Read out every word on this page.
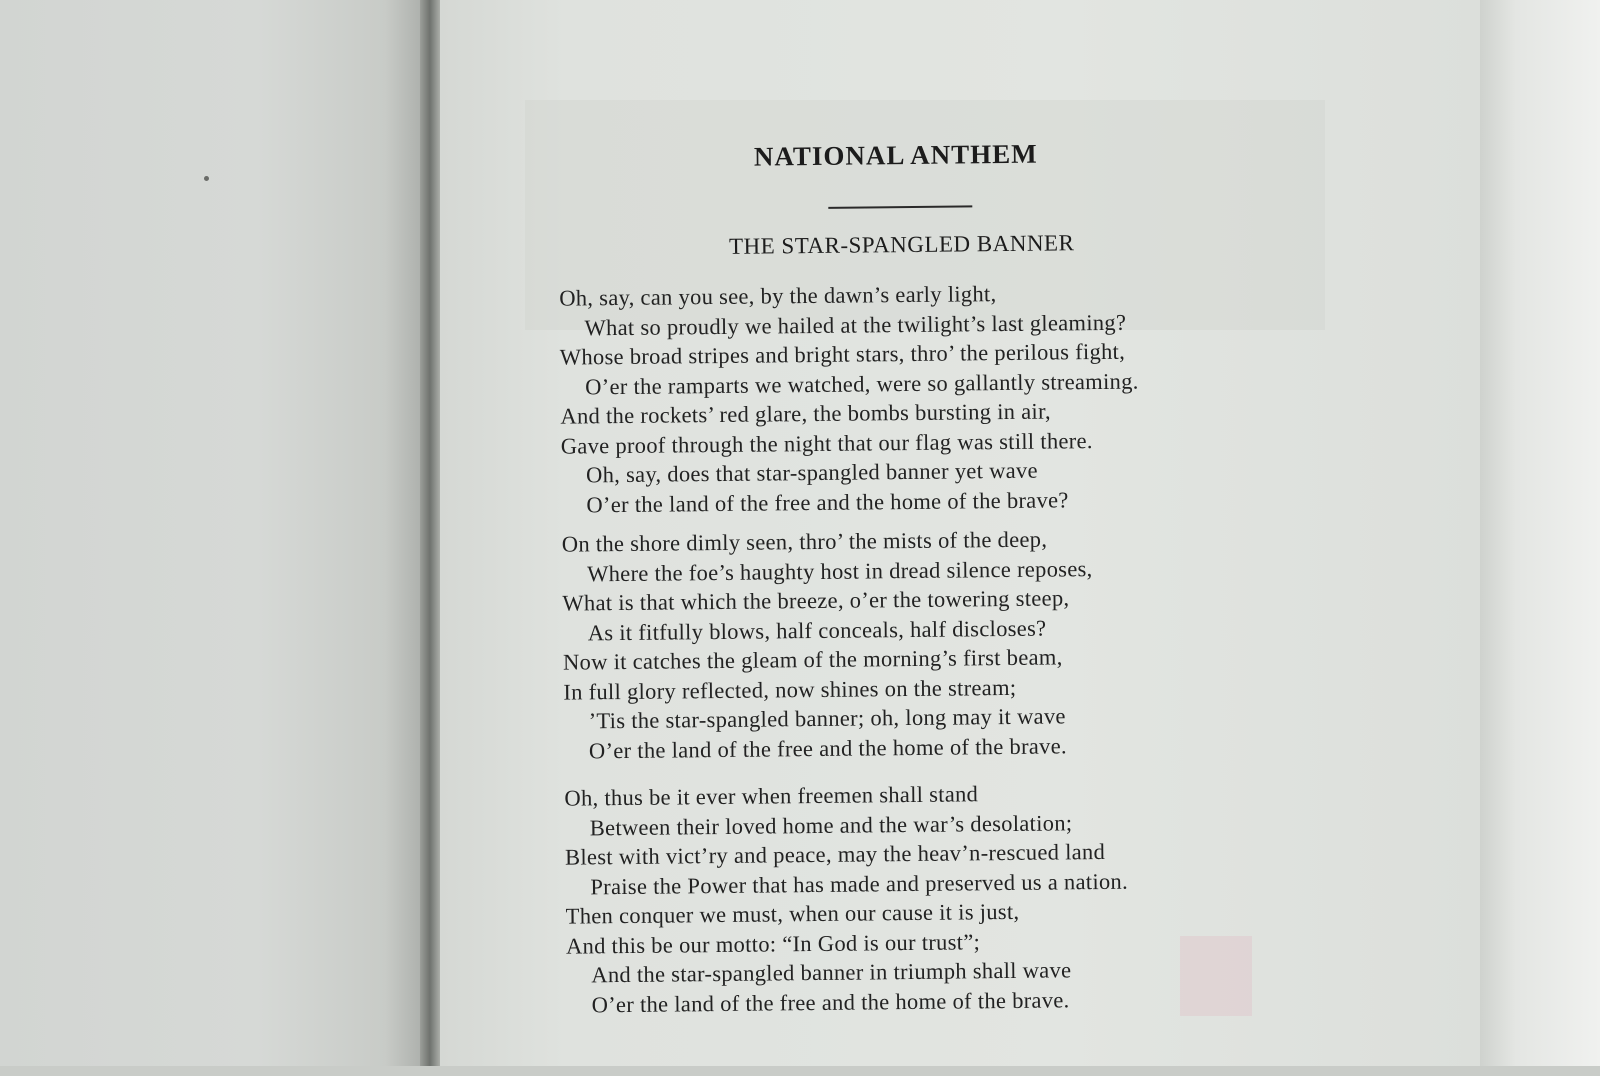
NATIONAL ANTHEM
THE STAR-SPANGLED BANNER
Oh, say, can you see, by the dawn’s early light,
What so proudly we hailed at the twilight’s last gleaming?
Whose broad stripes and bright stars, thro’ the perilous fight,
O’er the ramparts we watched, were so gallantly streaming.
And the rockets’ red glare, the bombs bursting in air,
Gave proof through the night that our flag was still there.
Oh, say, does that star-spangled banner yet wave
O’er the land of the free and the home of the brave?
On the shore dimly seen, thro’ the mists of the deep,
Where the foe’s haughty host in dread silence reposes,
What is that which the breeze, o’er the towering steep,
As it fitfully blows, half conceals, half discloses?
Now it catches the gleam of the morning’s first beam,
In full glory reflected, now shines on the stream;
’Tis the star-spangled banner; oh, long may it wave
O’er the land of the free and the home of the brave.
Oh, thus be it ever when freemen shall stand
Between their loved home and the war’s desolation;
Blest with vict’ry and peace, may the heav’n-rescued land
Praise the Power that has made and preserved us a nation.
Then conquer we must, when our cause it is just,
And this be our motto: “In God is our trust”;
And the star-spangled banner in triumph shall wave
O’er the land of the free and the home of the brave.
